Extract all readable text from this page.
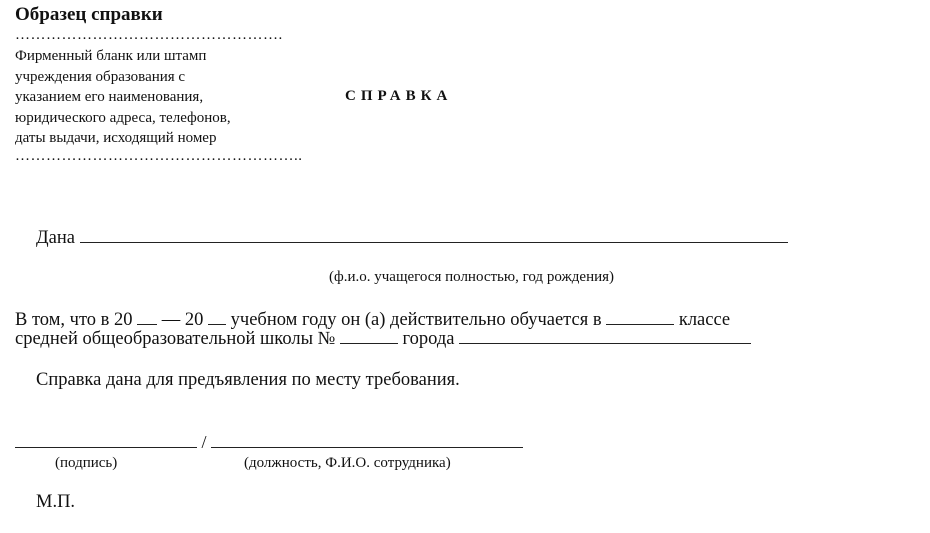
Образец справки
…………………………………………….
Фирменный бланк или штамп
учреждения образования с
указанием его наименования,
юридического адреса, телефонов,
даты выдачи, исходящий номер
………………………………………………..
СПРАВКА
Дана
(ф.и.о. учащегося полностью, год рождения)
В том, что в 20 — 20 учебном году он (а) действительно обучается в	классе
средней общеобразовательной школы №	города
Справка дана для предъявления по месту требования.
/
(подпись)	(должность, Ф.И.О. сотрудника)
М.П.
